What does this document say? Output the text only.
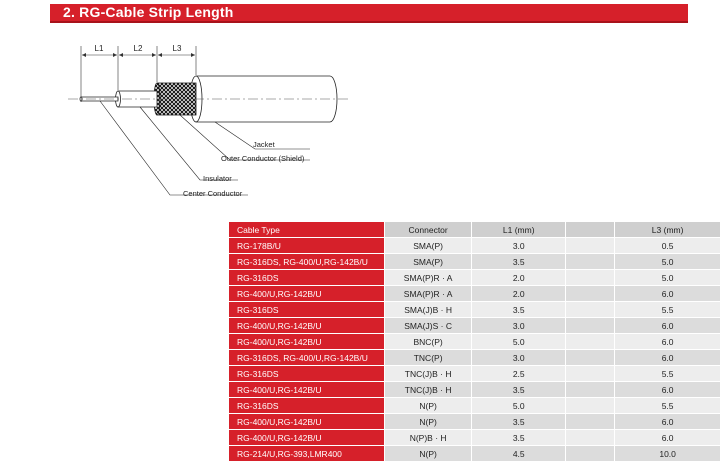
2. RG-Cable Strip Length
L1	L2	L3
Jacket
Outer Conductor (Shield)
Insulator
Center Conductor
Cable Type	Connector	L1 (mm)		L3 (mm)
RG-178B/U	SMA(P)	3.0		0.5
RG-316DS, RG-400/U,RG-142B/U	SMA(P)	3.5		5.0
RG-316DS	SMA(P)R · A	2.0		5.0
RG-400/U,RG-142B/U	SMA(P)R · A	2.0		6.0
RG-316DS	SMA(J)B · H	3.5		5.5
RG-400/U,RG-142B/U	SMA(J)S · C	3.0		6.0
RG-400/U,RG-142B/U	BNC(P)	5.0		6.0
RG-316DS, RG-400/U,RG-142B/U	TNC(P)	3.0		6.0
RG-316DS	TNC(J)B · H	2.5		5.5
RG-400/U,RG-142B/U	TNC(J)B · H	3.5		6.0
RG-316DS	N(P)	5.0		5.5
RG-400/U,RG-142B/U	N(P)	3.5		6.0
RG-400/U,RG-142B/U	N(P)B · H	3.5		6.0
RG-214/U,RG-393,LMR400	N(P)	4.5		10.0
